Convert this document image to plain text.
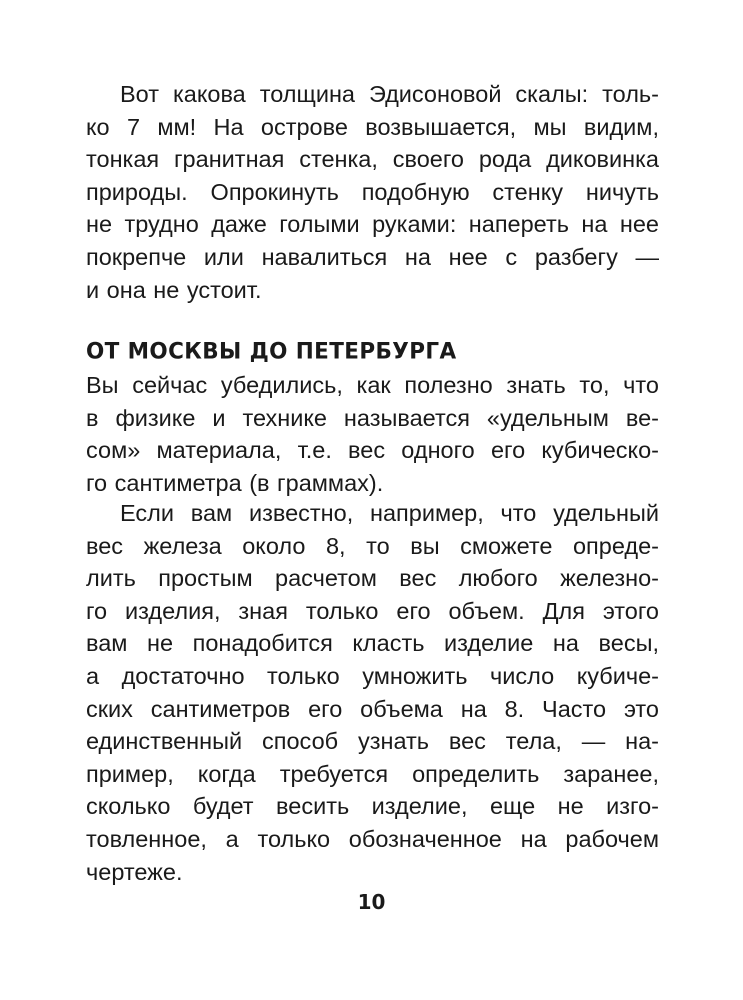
Вот какова толщина Эдисоновой скалы: толь-
ко 7 мм! На острове возвышается, мы видим,
тонкая гранитная стенка, своего рода диковинка
природы. Опрокинуть подобную стенку ничуть
не трудно даже голыми руками: напереть на нее
покрепче или навалиться на нее с разбегу —
и она не устоит.
ОТ МОСКВЫ ДО ПЕТЕРБУРГА
Вы сейчас убедились, как полезно знать то, что
в физике и технике называется «удельным ве-
сом» материала, т.е. вес одного его кубическо-
го сантиметра (в граммах).
Если вам известно, например, что удельный
вес железа около 8, то вы сможете опреде-
лить простым расчетом вес любого железно-
го изделия, зная только его объем. Для этого
вам не понадобится класть изделие на весы,
а достаточно только умножить число кубиче-
ских сантиметров его объема на 8. Часто это
единственный способ узнать вес тела, — на-
пример, когда требуется определить заранее,
сколько будет весить изделие, еще не изго-
товленное, а только обозначенное на рабочем
чертеже.
10
